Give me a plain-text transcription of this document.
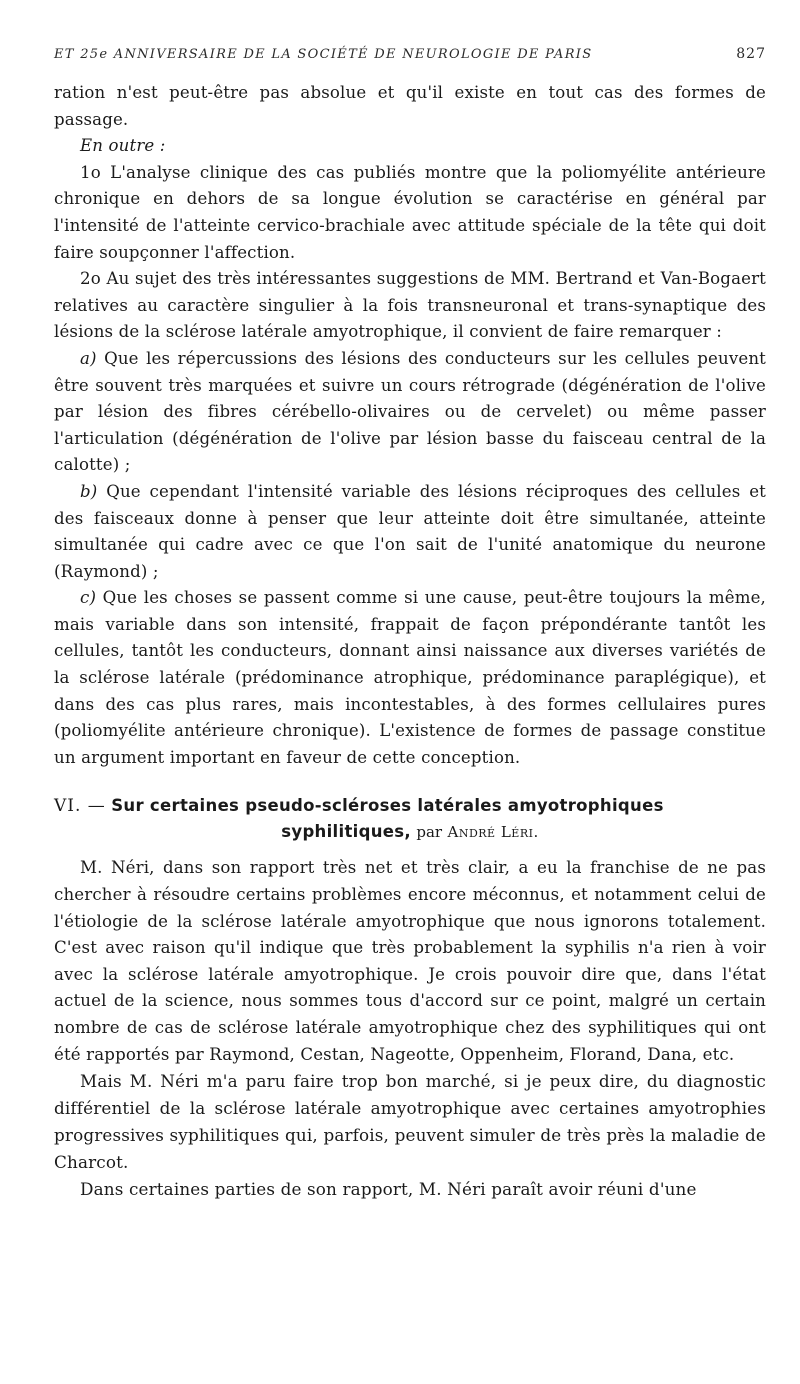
ET 25e ANNIVERSAIRE DE LA SOCIÉTÉ DE NEUROLOGIE DE PARIS	827

ration n'est peut-être pas absolue et qu'il existe en tout cas des formes de passage.

En outre :

1o L'analyse clinique des cas publiés montre que la poliomyélite antérieure chronique en dehors de sa longue évolution se caractérise en général par l'intensité de l'atteinte cervico-brachiale avec attitude spéciale de la tête qui doit faire soupçonner l'affection.

2o Au sujet des très intéressantes suggestions de MM. Bertrand et Van-Bogaert relatives au caractère singulier à la fois transneuronal et trans-synaptique des lésions de la sclérose latérale amyotrophique, il convient de faire remarquer :

a) Que les répercussions des lésions des conducteurs sur les cellules peuvent être souvent très marquées et suivre un cours rétrograde (dégénération de l'olive par lésion des fibres cérébello-olivaires ou de cervelet) ou même passer l'articulation (dégénération de l'olive par lésion basse du faisceau central de la calotte) ;

b) Que cependant l'intensité variable des lésions réciproques des cellules et des faisceaux donne à penser que leur atteinte doit être simultanée, atteinte simultanée qui cadre avec ce que l'on sait de l'unité anatomique du neurone (Raymond) ;

c) Que les choses se passent comme si une cause, peut-être toujours la même, mais variable dans son intensité, frappait de façon prépondérante tantôt les cellules, tantôt les conducteurs, donnant ainsi naissance aux diverses variétés de la sclérose latérale (prédominance atrophique, prédominance paraplégique), et dans des cas plus rares, mais incontestables, à des formes cellulaires pures (poliomyélite antérieure chronique). L'existence de formes de passage constitue un argument important en faveur de cette conception.

VI. — Sur certaines pseudo-scléroses latérales amyotrophiques
syphilitiques, par André Léri.

M. Néri, dans son rapport très net et très clair, a eu la franchise de ne pas chercher à résoudre certains problèmes encore méconnus, et notamment celui de l'étiologie de la sclérose latérale amyotrophique que nous ignorons totalement. C'est avec raison qu'il indique que très probablement la syphilis n'a rien à voir avec la sclérose latérale amyotrophique. Je crois pouvoir dire que, dans l'état actuel de la science, nous sommes tous d'accord sur ce point, malgré un certain nombre de cas de sclérose latérale amyotrophique chez des syphilitiques qui ont été rapportés par Raymond, Cestan, Nageotte, Oppenheim, Florand, Dana, etc.

Mais M. Néri m'a paru faire trop bon marché, si je peux dire, du diagnostic différentiel de la sclérose latérale amyotrophique avec certaines amyotrophies progressives syphilitiques qui, parfois, peuvent simuler de très près la maladie de Charcot.

Dans certaines parties de son rapport, M. Néri paraît avoir réuni d'une
